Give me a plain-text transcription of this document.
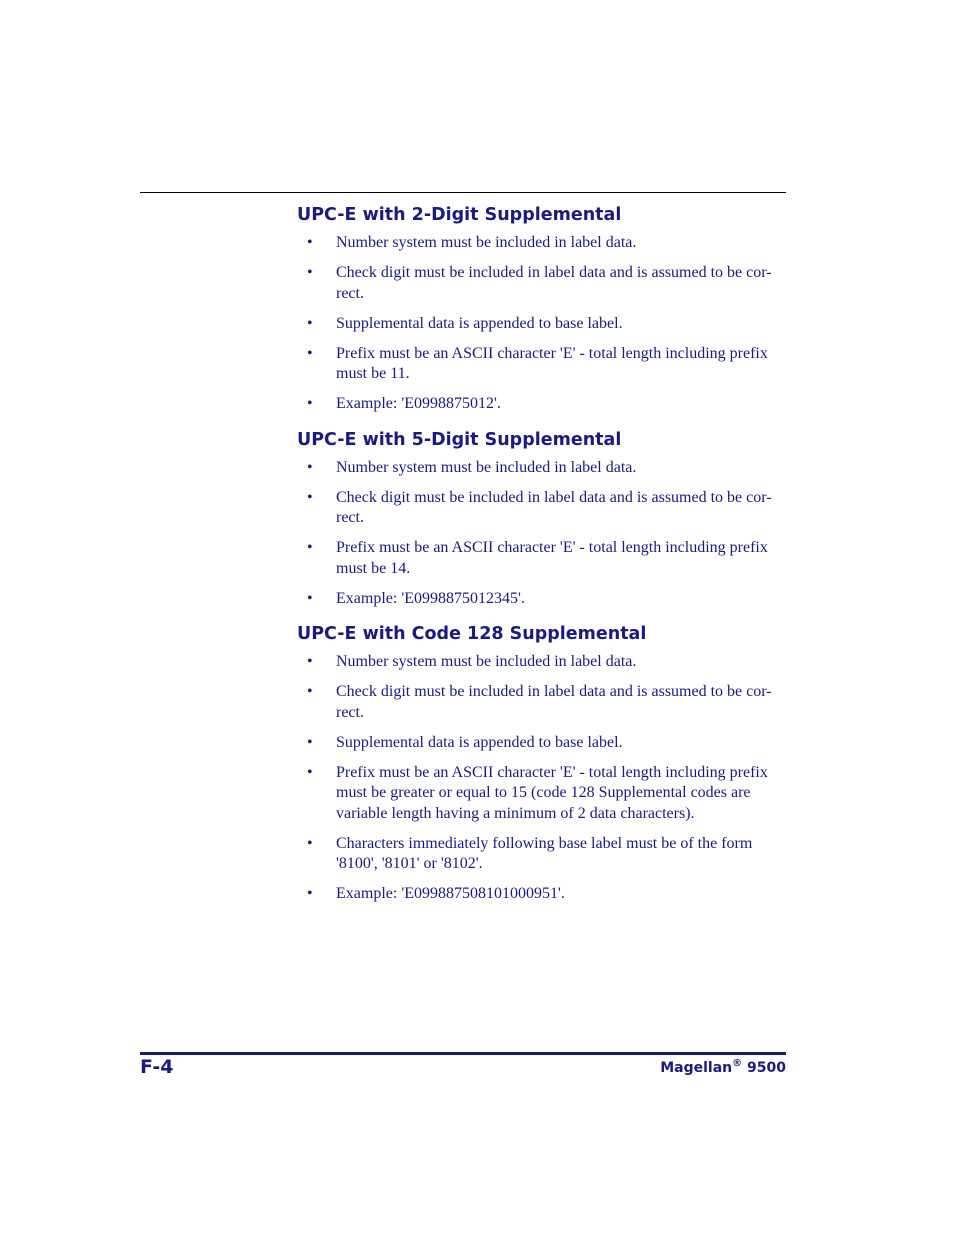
UPC-E with 2-Digit Supplemental
• Number system must be included in label data.
• Check digit must be included in label data and is assumed to be cor-
rect.
• Supplemental data is appended to base label.
• Prefix must be an ASCII character 'E' - total length including prefix
must be 11.
• Example: 'E0998875012'.
UPC-E with 5-Digit Supplemental
• Number system must be included in label data.
• Check digit must be included in label data and is assumed to be cor-
rect.
• Prefix must be an ASCII character 'E' - total length including prefix
must be 14.
• Example: 'E0998875012345'.
UPC-E with Code 128 Supplemental
• Number system must be included in label data.
• Check digit must be included in label data and is assumed to be cor-
rect.
• Supplemental data is appended to base label.
• Prefix must be an ASCII character 'E' - total length including prefix
must be greater or equal to 15 (code 128 Supplemental codes are
variable length having a minimum of 2 data characters).
• Characters immediately following base label must be of the form
'8100', '8101' or '8102'.
• Example: 'E099887508101000951'.
F-4	Magellan® 9500
